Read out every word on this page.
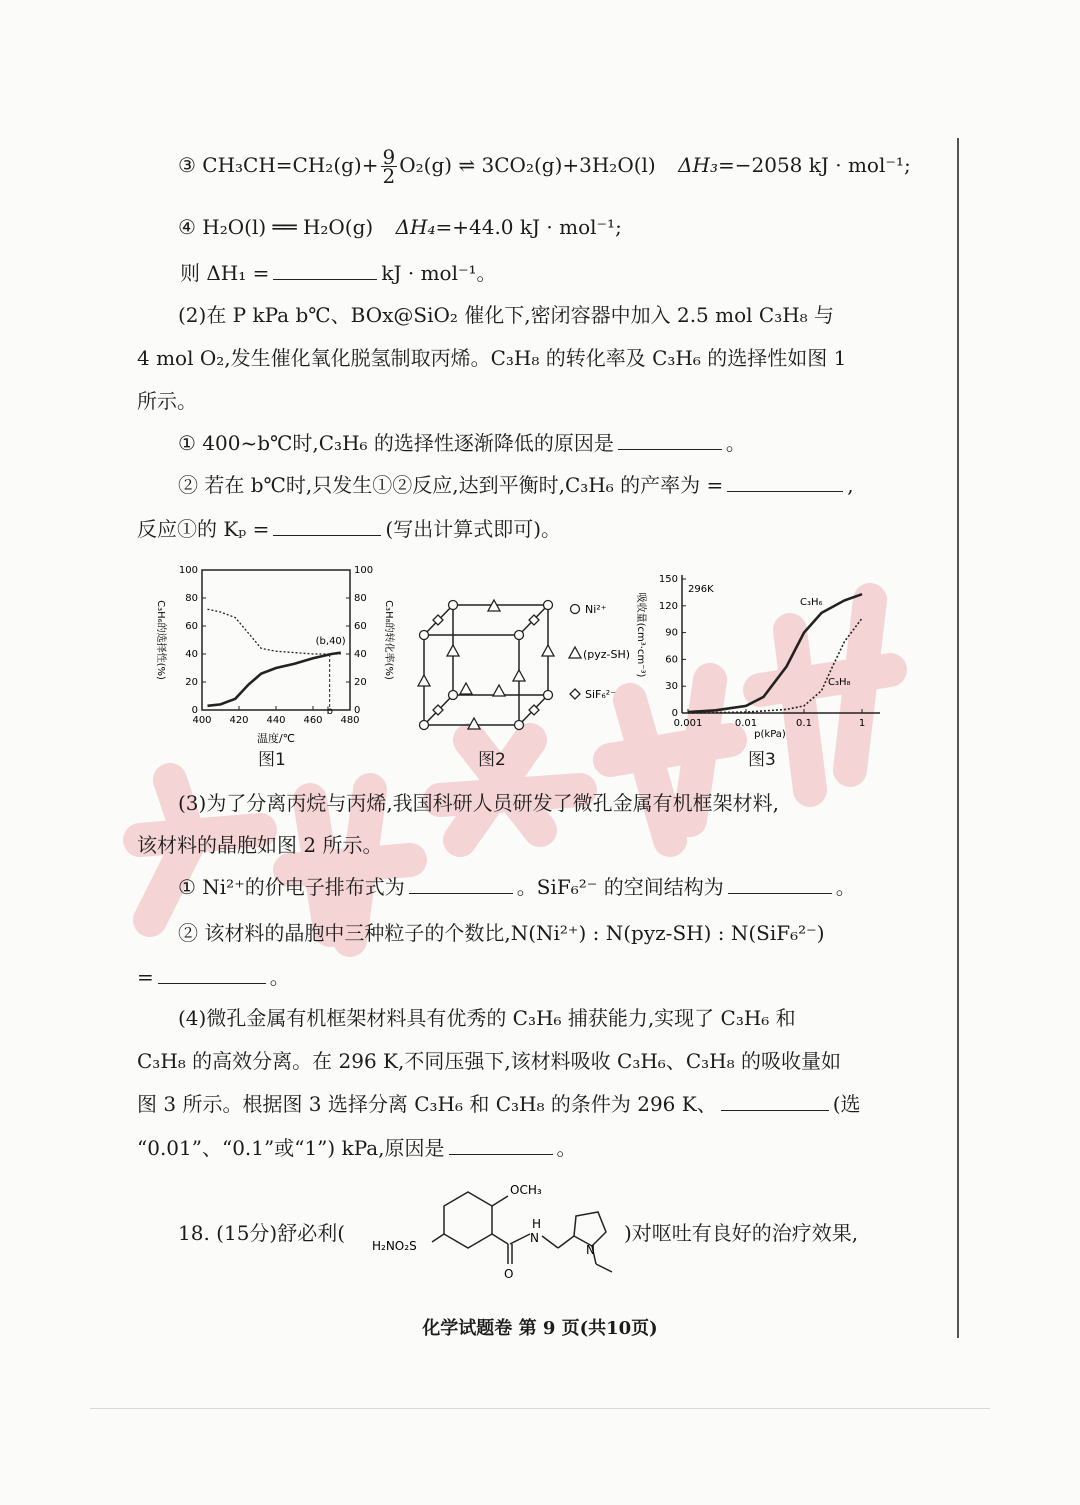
③ $CH_3CH=CH_2(g)+ \frac{9}{2} O_2(g)$ ⇌ 3CO₂(g)+3H₂O(l) ΔH₃=−2058 kJ · mol⁻¹;
④ H₂O(l) ══ H₂O(g) ΔH₄=+44.0 kJ · mol⁻¹;
则 ΔH₁ =	kJ · mol⁻¹。
(2)在 P kPa b℃、BOx@SiO₂ 催化下,密闭容器中加入 2.5 mol C₃H₈ 与
4 mol O₂,发生催化氧化脱氢制取丙烯。C₃H₈ 的转化率及 C₃H₆ 的选择性如图 1
所示。
① 400~b℃时,C₃H₆ 的选择性逐渐降低的原因是	。
② 若在 b℃时,只发生①②反应,达到平衡时,C₃H₆ 的产率为 =	,
反应①的 Kₚ =	(写出计算式即可)。
0	0
20	20
40	40
60	60
80	80
100	100
400 420 440 460 480
(b,40)
b
温度/℃
C₃H₆的选择性(%)	C₃H₈的转化率(%)
图1
Ni²⁺
(pyz-SH)
SiF₆²⁻
图2
0
30
60
90
120
150
0.001	0.01	0.1	1
296K
C₃H₆
C₃H₈
吸收量(cm³·cm⁻³)
p(kPa)
图3
(3)为了分离丙烷与丙烯,我国科研人员研发了微孔金属有机框架材料,
该材料的晶胞如图 2 所示。
① Ni²⁺的价电子排布式为	。SiF₆²⁻ 的空间结构为	。
② 该材料的晶胞中三种粒子的个数比,N(Ni²⁺) : N(pyz-SH) : N(SiF₆²⁻)
=	。
(4)微孔金属有机框架材料具有优秀的 C₃H₆ 捕获能力,实现了 C₃H₆ 和
C₃H₈ 的高效分离。在 296 K,不同压强下,该材料吸收 C₃H₆、C₃H₈ 的吸收量如
图 3 所示。根据图 3 选择分离 C₃H₆ 和 C₃H₈ 的条件为 296 K、	(选
“0.01”、“0.1”或“1”) kPa,原因是	。
18. (15分)舒必利(
OCH₃
H₂NO₂S
H
N
N
O
)对呕吐有良好的治疗效果,
化学试题卷 第 9 页(共10页)
